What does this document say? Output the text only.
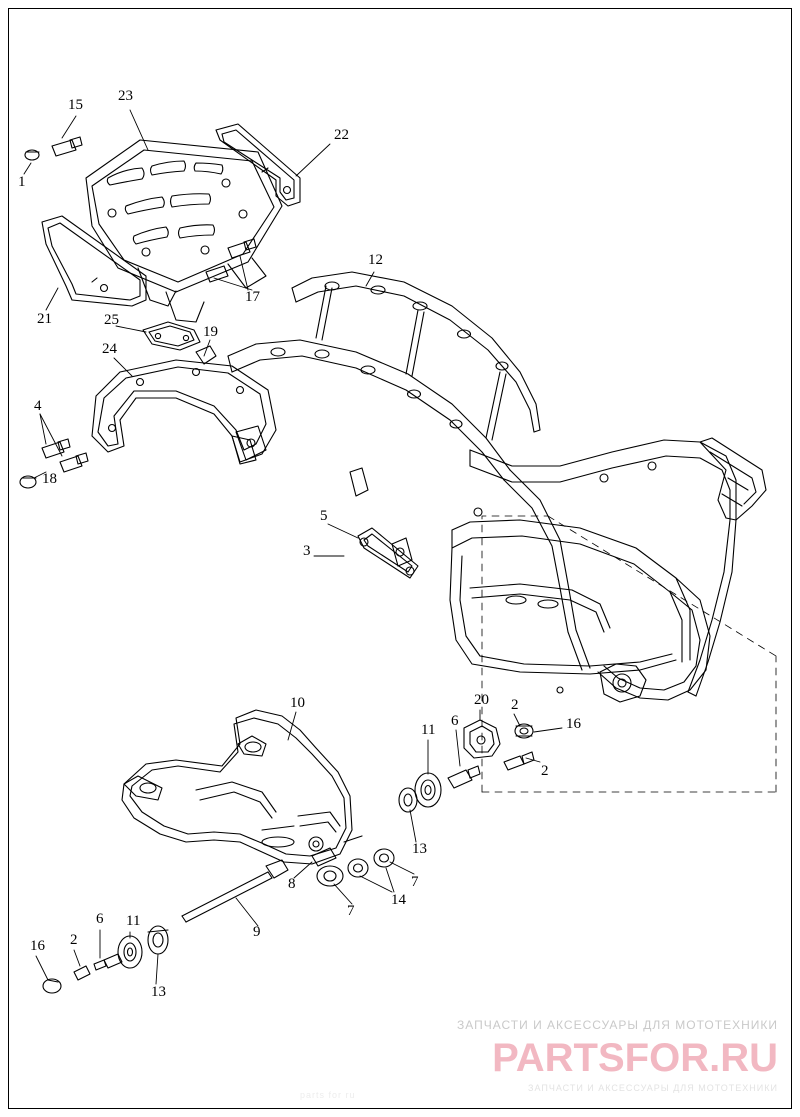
15
23
22
1
12
17
21	25
19
24
4
18
5
3
10	20 2
11
6	16
2
13
7
8
14
7
11
6
9
16 2
13
ЗАПЧАСТИ И АКСЕССУАРЫ ДЛЯ МОТОТЕХНИКИ
PARTSFOR.RU
ЗАПЧАСТИ И АКСЕССУАРЫ ДЛЯ МОТОТЕХНИКИ
parts for ru
